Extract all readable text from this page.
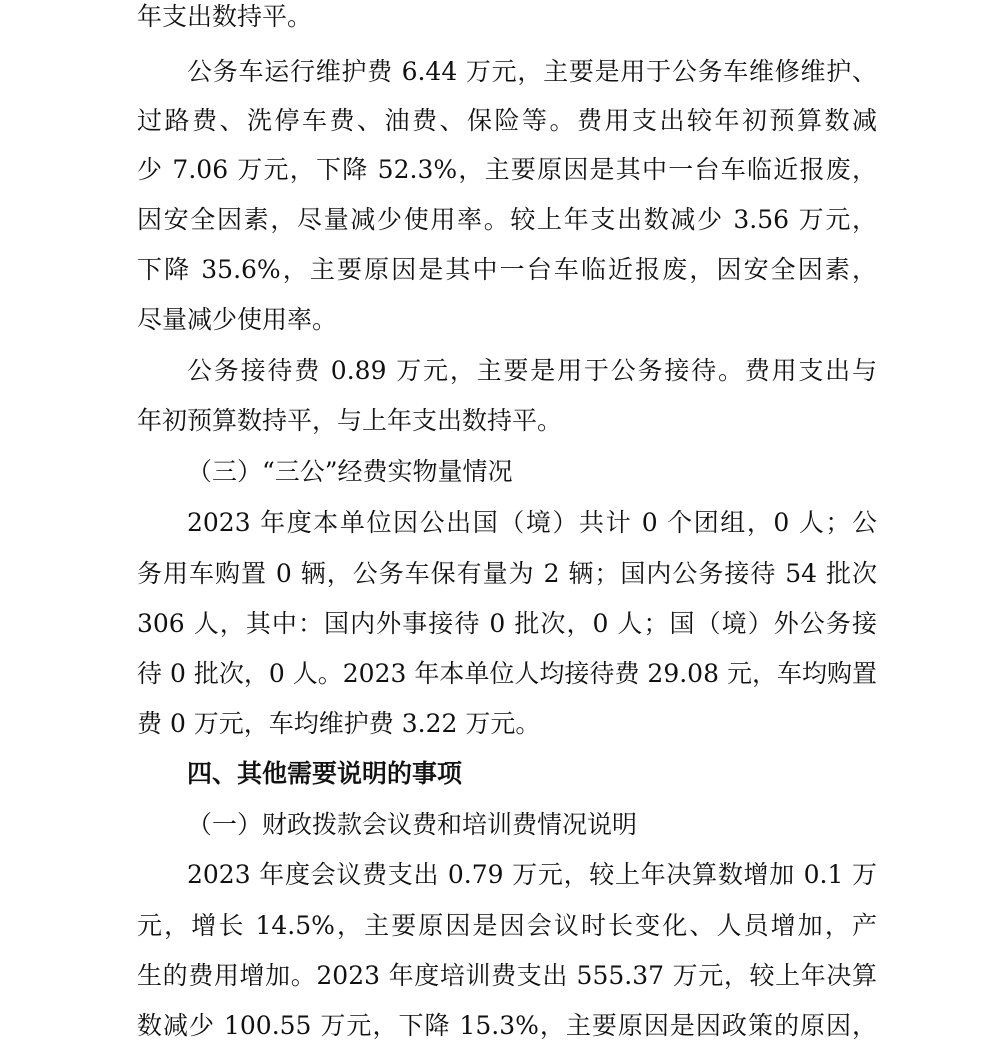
年支出数持平。
公务车运行维护费 6.44 万元，主要是用于公务车维修维护、
过路费、洗停车费、油费、保险等。费用支出较年初预算数减
少 7.06 万元，下降 52.3%，主要原因是其中一台车临近报废，
因安全因素，尽量减少使用率。较上年支出数减少 3.56 万元，
下降 35.6%，主要原因是其中一台车临近报废，因安全因素，
尽量减少使用率。
公务接待费 0.89 万元，主要是用于公务接待。费用支出与
年初预算数持平，与上年支出数持平。
（三）“三公”经费实物量情况
2023 年度本单位因公出国（境）共计 0 个团组，0 人；公
务用车购置 0 辆，公务车保有量为 2 辆；国内公务接待 54 批次
306 人，其中：国内外事接待 0 批次，0 人；国（境）外公务接
待 0 批次，0 人。2023 年本单位人均接待费 29.08 元，车均购置
费 0 万元，车均维护费 3.22 万元。
四、其他需要说明的事项
（一）财政拨款会议费和培训费情况说明
2023 年度会议费支出 0.79 万元，较上年决算数增加 0.1 万
元，增长 14.5%，主要原因是因会议时长变化、人员增加，产
生的费用增加。2023 年度培训费支出 555.37 万元，较上年决算
数减少 100.55 万元，下降 15.3%，主要原因是因政策的原因，
